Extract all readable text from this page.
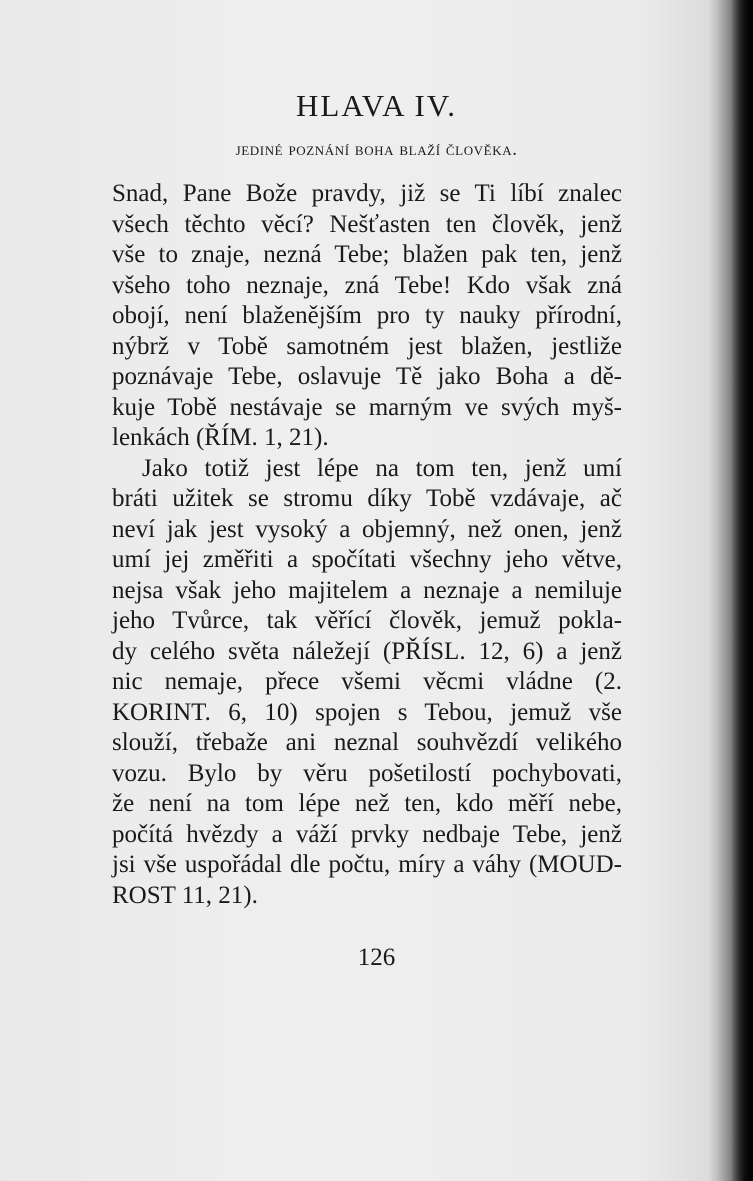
HLAVA IV.
jediné poznání boha blaží člověka.
Snad, Pane Bože pravdy, již se Ti líbí znalec
všech těchto věcí? Nešťasten ten člověk, jenž
vše to znaje, nezná Tebe; blažen pak ten, jenž
všeho toho neznaje, zná Tebe! Kdo však zná
obojí, není blaženějším pro ty nauky přírodní,
nýbrž v Tobě samotném jest blažen, jestliže
poznávaje Tebe, oslavuje Tě jako Boha a dě-
kuje Tobě nestávaje se marným ve svých myš-
lenkách (ŘÍM. 1, 21).
Jako totiž jest lépe na tom ten, jenž umí
bráti užitek se stromu díky Tobě vzdávaje, ač
neví jak jest vysoký a objemný, než onen, jenž
umí jej změřiti a spočítati všechny jeho větve,
nejsa však jeho majitelem a neznaje a nemiluje
jeho Tvůrce, tak věřící člověk, jemuž pokla-
dy celého světa náležejí (PŘÍSL. 12, 6) a jenž
nic nemaje, přece všemi věcmi vládne (2.
KORINT. 6, 10) spojen s Tebou, jemuž vše
slouží, třebaže ani neznal souhvězdí velikého
vozu. Bylo by věru pošetilostí pochybovati,
že není na tom lépe než ten, kdo měří nebe,
počítá hvězdy a váží prvky nedbaje Tebe, jenž
jsi vše uspořádal dle počtu, míry a váhy (MOUD-
ROST 11, 21).
126
